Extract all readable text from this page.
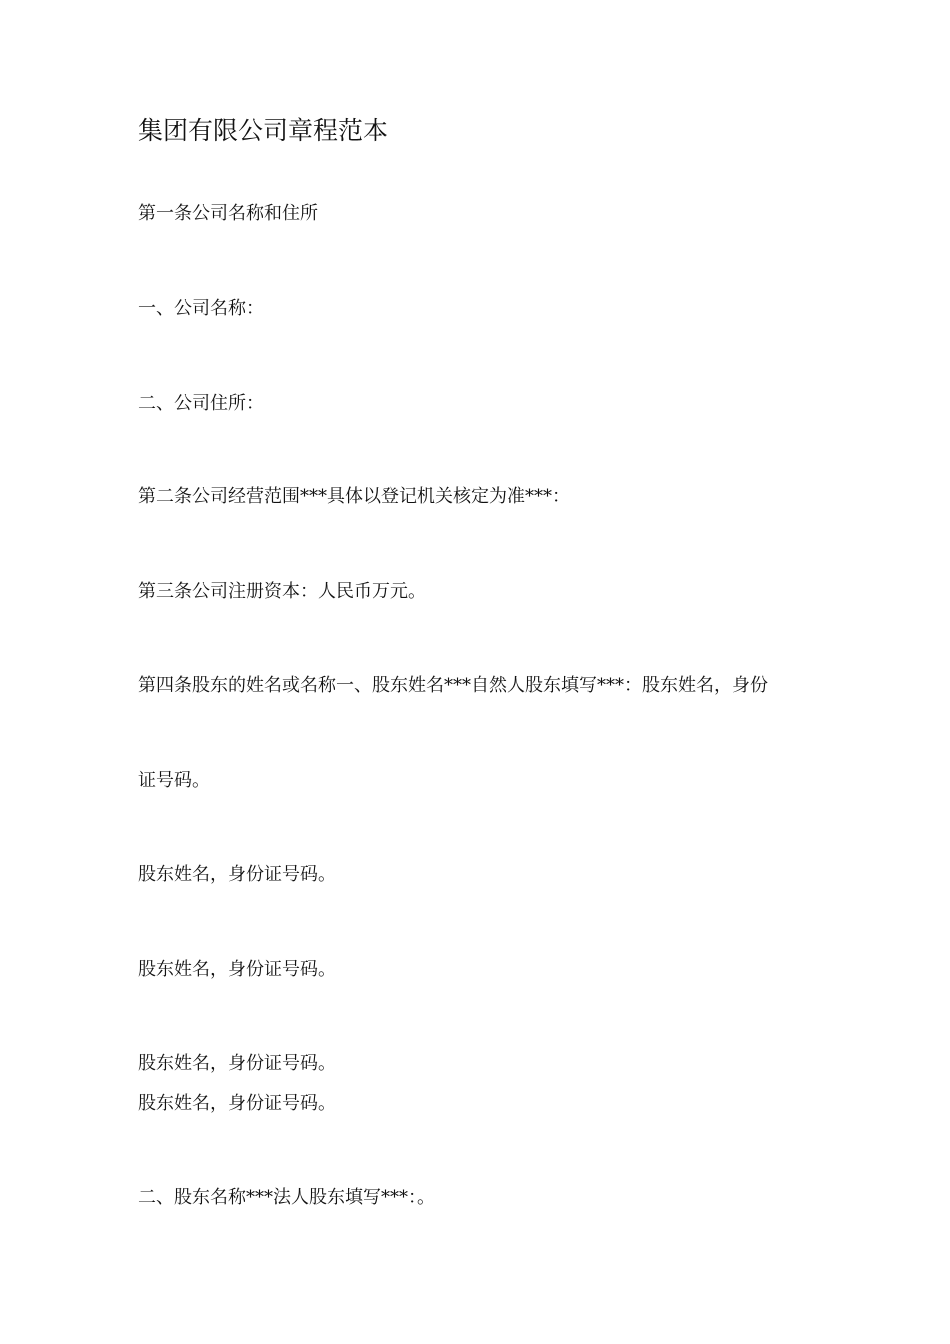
集团有限公司章程范本
第一条公司名称和住所
一、公司名称：
二、公司住所：
第二条公司经营范围***具体以登记机关核定为准***：
第三条公司注册资本：人民币万元。
第四条股东的姓名或名称一、股东姓名***自然人股东填写***：股东姓名，身份
证号码。
股东姓名，身份证号码。
股东姓名，身份证号码。
股东姓名，身份证号码。
股东姓名，身份证号码。
二、股东名称***法人股东填写***：。
